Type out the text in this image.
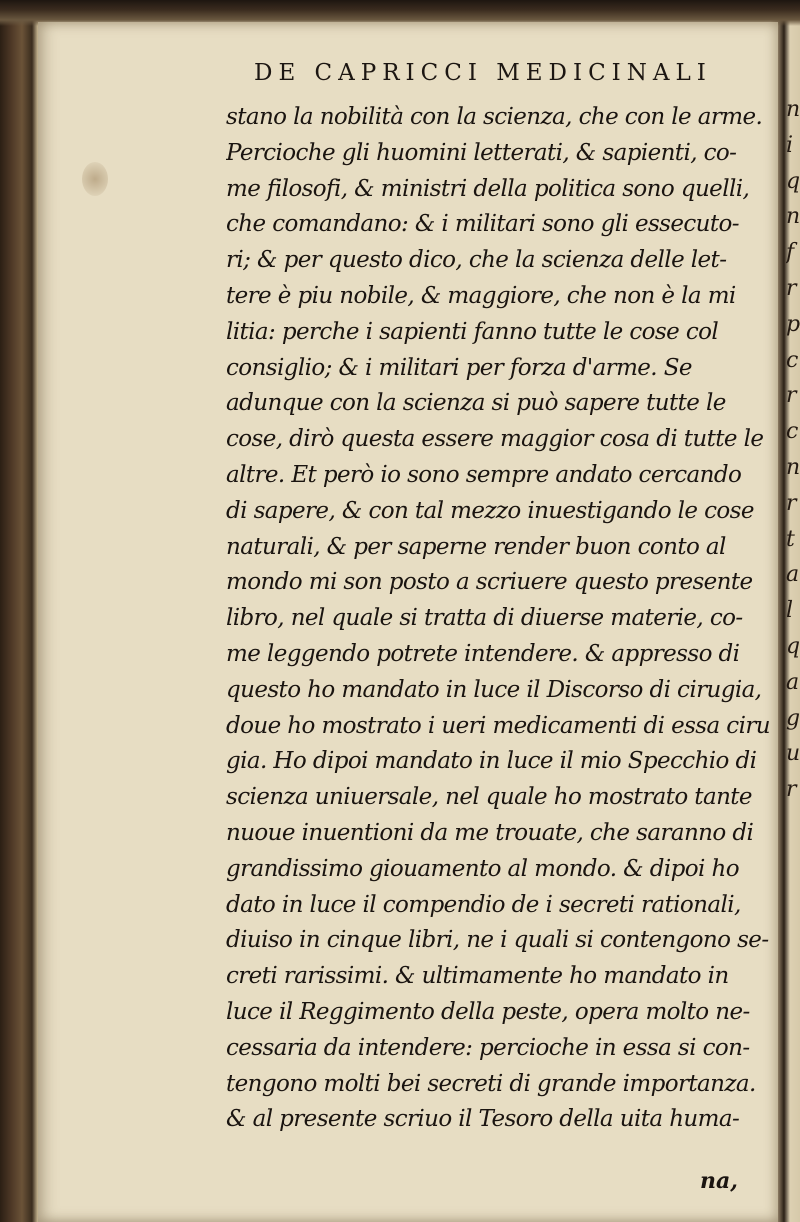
DE CAPRICCI MEDICINALI
stano la nobilità con la scienza, che con le arme.
Percioche gli huomini letterati, & sapienti, co-
me filosofi, & ministri della politica sono quelli,
che comandano: & i militari sono gli essecuto-
ri; & per questo dico, che la scienza delle let-
tere è piu nobile, & maggiore, che non è la mi
litia: perche i sapienti fanno tutte le cose col
consiglio; & i militari per forza d'arme. Se
adunque con la scienza si può sapere tutte le
cose, dirò questa essere maggior cosa di tutte le
altre. Et però io sono sempre andato cercando
di sapere, & con tal mezzo inuestigando le cose
naturali, & per saperne render buon conto al
mondo mi son posto a scriuere questo presente
libro, nel quale si tratta di diuerse materie, co-
me leggendo potrete intendere. & appresso di
questo ho mandato in luce il Discorso di cirugia,
doue ho mostrato i ueri medicamenti di essa ciru
gia. Ho dipoi mandato in luce il mio Specchio di
scienza uniuersale, nel quale ho mostrato tante
nuoue inuentioni da me trouate, che saranno di
grandissimo giouamento al mondo. & dipoi ho
dato in luce il compendio de i secreti rationali,
diuiso in cinque libri, ne i quali si contengono se-
creti rarissimi. & ultimamente ho mandato in
luce il Reggimento della peste, opera molto ne-
cessaria da intendere: percioche in essa si con-
tengono molti bei secreti di grande importanza.
& al presente scriuo il Tesoro della uita huma-
na,
n
i
q
n
f
r
p
c
r
c
n
r
t
a
l
q
a
g
u
r
